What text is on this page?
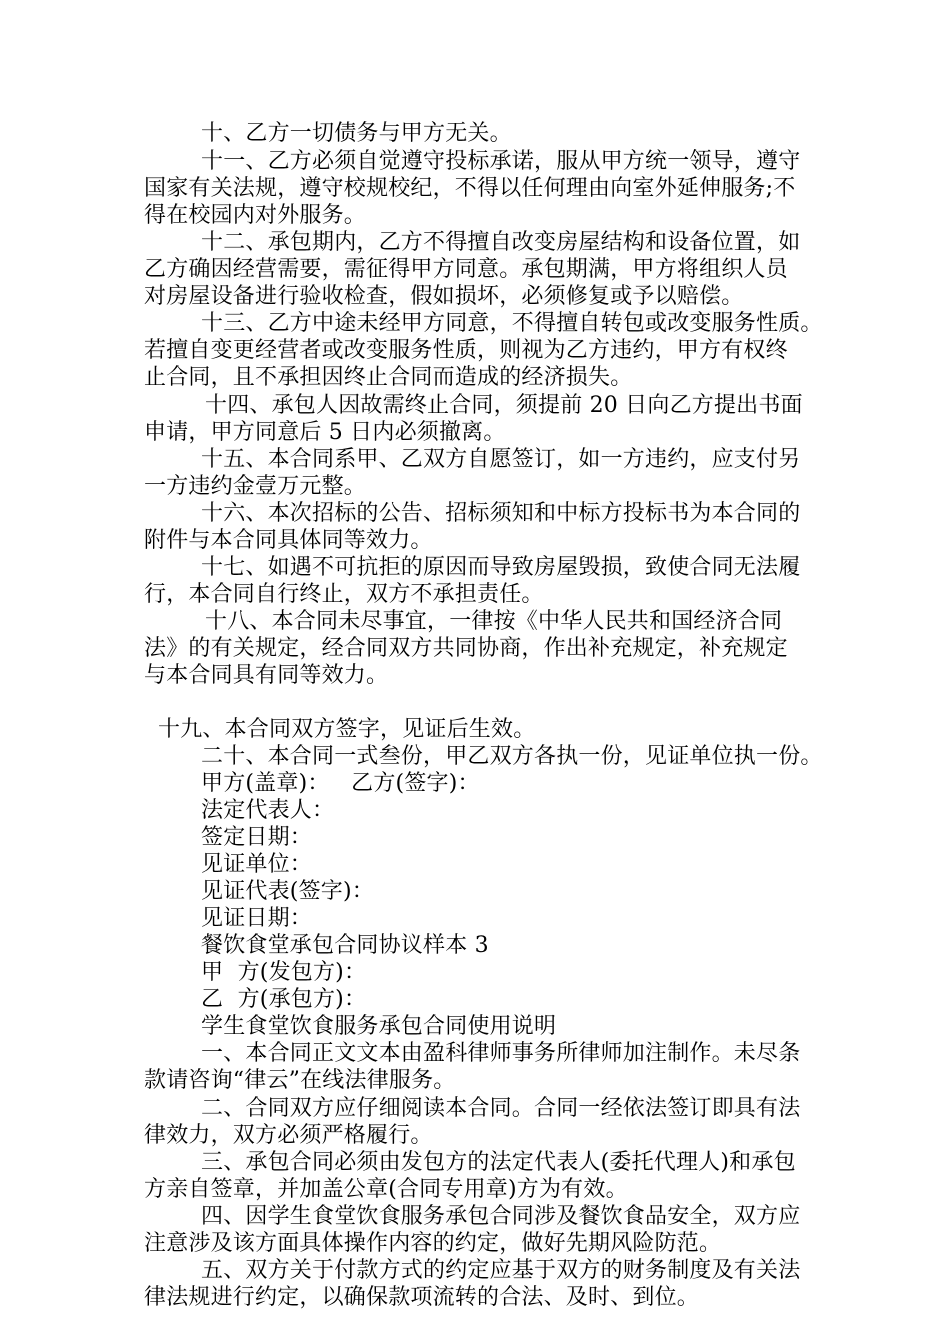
十、乙方一切债务与甲方无关。
十一、乙方必须自觉遵守投标承诺，服从甲方统一领导，遵守
国家有关法规，遵守校规校纪，不得以任何理由向室外延伸服务;不
得在校园内对外服务。
十二、承包期内，乙方不得擅自改变房屋结构和设备位置，如
乙方确因经营需要，需征得甲方同意。承包期满，甲方将组织人员
对房屋设备进行验收检查，假如损坏，必须修复或予以赔偿。
十三、乙方中途未经甲方同意，不得擅自转包或改变服务性质。
若擅自变更经营者或改变服务性质，则视为乙方违约，甲方有权终
止合同，且不承担因终止合同而造成的经济损失。
十四、承包人因故需终止合同，须提前 20 日向乙方提出书面
申请，甲方同意后 5 日内必须撤离。
十五、本合同系甲、乙双方自愿签订，如一方违约，应支付另
一方违约金壹万元整。
十六、本次招标的公告、招标须知和中标方投标书为本合同的
附件与本合同具体同等效力。
十七、如遇不可抗拒的原因而导致房屋毁损，致使合同无法履
行，本合同自行终止，双方不承担责任。
十八、本合同未尽事宜，一律按《中华人民共和国经济合同
法》的有关规定，经合同双方共同协商，作出补充规定，补充规定
与本合同具有同等效力。
十九、本合同双方签字，见证后生效。
二十、本合同一式叁份，甲乙双方各执一份，见证单位执一份。
甲方(盖章)：   乙方(签字)：
法定代表人：
签定日期：
见证单位：
见证代表(签字)：
见证日期：
餐饮食堂承包合同协议样本 3
甲  方(发包方)：
乙  方(承包方)：
学生食堂饮食服务承包合同使用说明
一、本合同正文文本由盈科律师事务所律师加注制作。未尽条
款请咨询“律云”在线法律服务。
二、合同双方应仔细阅读本合同。合同一经依法签订即具有法
律效力，双方必须严格履行。
三、承包合同必须由发包方的法定代表人(委托代理人)和承包
方亲自签章，并加盖公章(合同专用章)方为有效。
四、因学生食堂饮食服务承包合同涉及餐饮食品安全，双方应
注意涉及该方面具体操作内容的约定，做好先期风险防范。
五、双方关于付款方式的约定应基于双方的财务制度及有关法
律法规进行约定，以确保款项流转的合法、及时、到位。
